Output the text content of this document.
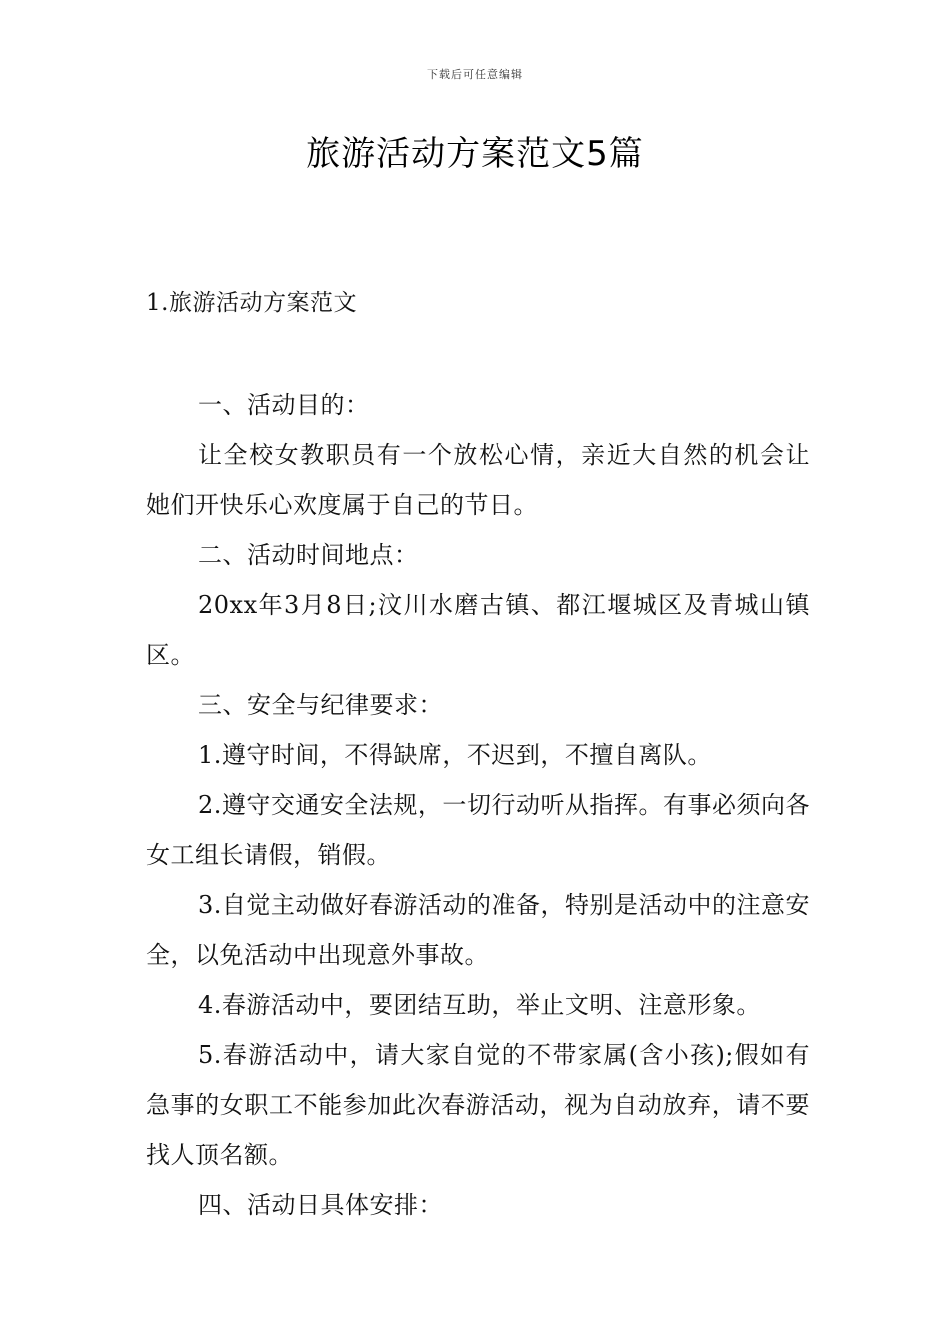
下载后可任意编辑
旅游活动方案范文5篇
1.旅游活动方案范文

一、活动目的：

让全校女教职员有一个放松心情，亲近大自然的机会让她们开快乐心欢度属于自己的节日。

二、活动时间地点：

20xx年3月8日;汶川水磨古镇、都江堰城区及青城山镇区。

三、安全与纪律要求：

1.遵守时间，不得缺席，不迟到，不擅自离队。

2.遵守交通安全法规，一切行动听从指挥。有事必须向各女工组长请假，销假。

3.自觉主动做好春游活动的准备，特别是活动中的注意安全，以免活动中出现意外事故。

4.春游活动中，要团结互助，举止文明、注意形象。

5.春游活动中，请大家自觉的不带家属(含小孩);假如有急事的女职工不能参加此次春游活动，视为自动放弃，请不要找人顶名额。

四、活动日具体安排：
